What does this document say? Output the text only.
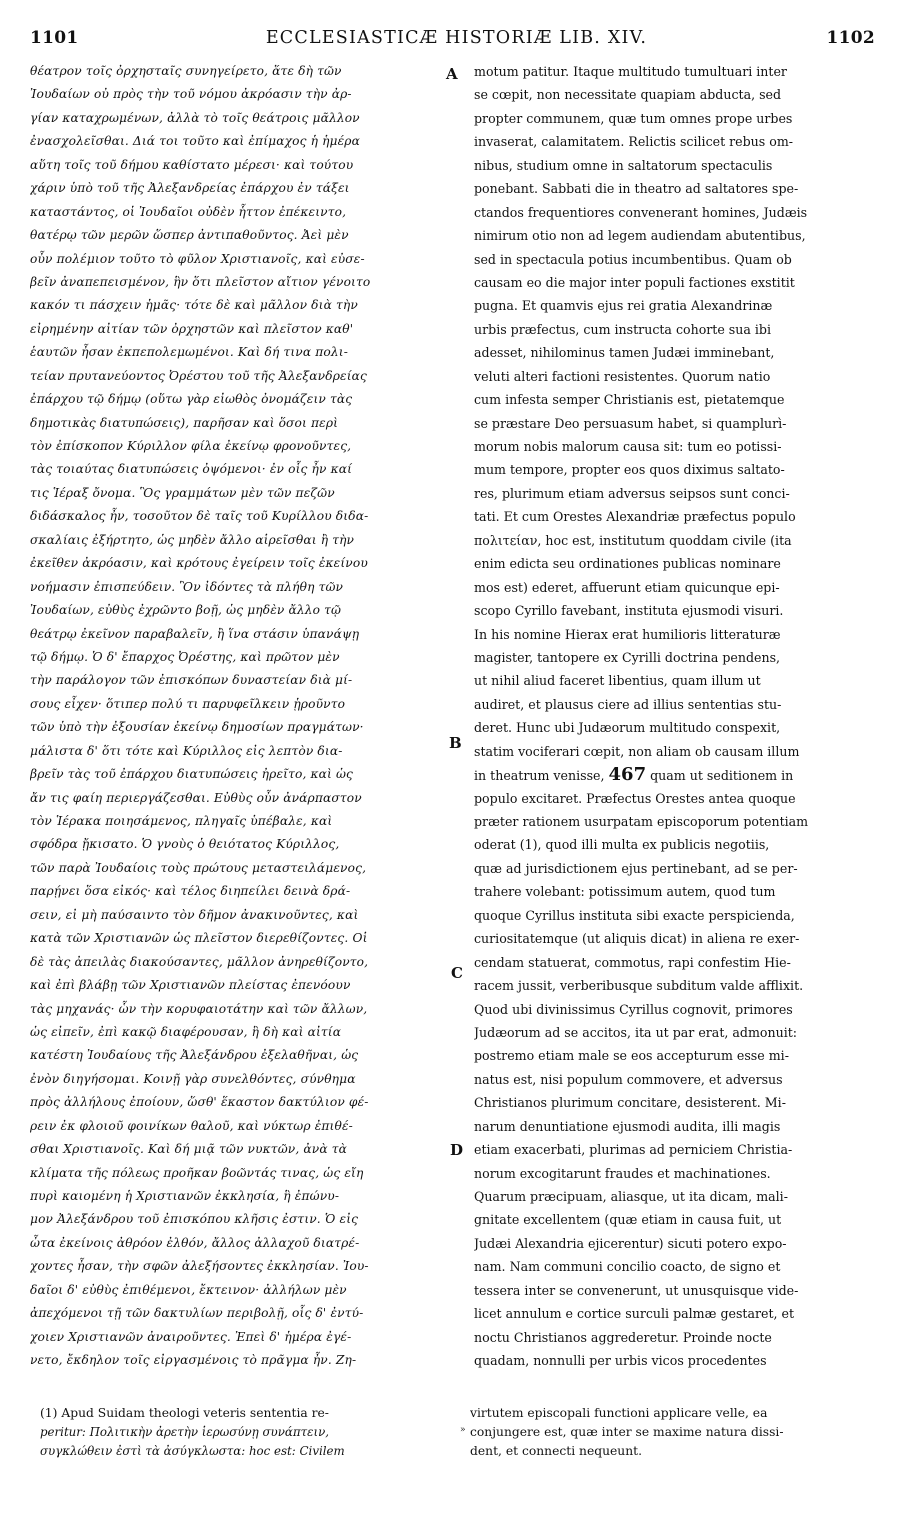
1101	ECCLESIASTICÆ HISTORIÆ LIB. XIV.	1102
A
B
C
D
θέατρον τοῖς ὀρχησταῖς συνηγείρετο, ἅτε δὴ τῶν
Ἰουδαίων οὐ πρὸς τὴν τοῦ νόμου ἀκρόασιν τὴν ἀρ-
γίαν καταχρωμένων, ἀλλὰ τὸ τοῖς θεάτροις μᾶλλον
ἐνασχολεῖσθαι. Διά τοι τοῦτο καὶ ἐπίμαχος ἡ ἡμέρα
αὕτη τοῖς τοῦ δήμου καθίστατο μέρεσι· καὶ τούτου
χάριν ὑπὸ τοῦ τῆς Ἀλεξανδρείας ἐπάρχου ἐν τάξει
καταστάντος, οἱ Ἰουδαῖοι οὐδὲν ἧττον ἐπέκειντο,
θατέρῳ τῶν μερῶν ὥσπερ ἀντιπαθοῦντος. Ἀεὶ μὲν
οὖν πολέμιον τοῦτο τὸ φῦλον Χριστιανοῖς, καὶ εὐσε-
βεῖν ἀναπεπεισμένον, ἣν ὅτι πλεῖστον αἴτιον γένοιτο
κακόν τι πάσχειν ἡμᾶς· τότε δὲ καὶ μᾶλλον διὰ τὴν
εἰρημένην αἰτίαν τῶν ὀρχηστῶν καὶ πλεῖστον καθ'
ἑαυτῶν ἦσαν ἐκπεπολεμωμένοι. Καὶ δή τινα πολι-
τείαν πρυτανεύοντος Ὀρέστου τοῦ τῆς Ἀλεξανδρείας
ἐπάρχου τῷ δήμῳ (οὕτω γὰρ εἰωθὸς ὀνομάζειν τὰς
δημοτικὰς διατυπώσεις), παρῆσαν καὶ ὅσοι περὶ
τὸν ἐπίσκοπον Κύριλλον φίλα ἐκείνῳ φρονοῦντες,
τὰς τοιαύτας διατυπώσεις ὀψόμενοι· ἐν οἷς ἦν καί
τις Ἱέραξ ὄνομα. Ὃς γραμμάτων μὲν τῶν πεζῶν
διδάσκαλος ἦν, τοσοῦτον δὲ ταῖς τοῦ Κυρίλλου διδα-
σκαλίαις ἐξήρτητο, ὡς μηδὲν ἄλλο αἱρεῖσθαι ἢ τὴν
ἐκεῖθεν ἀκρόασιν, καὶ κρότους ἐγείρειν τοῖς ἐκείνου
νοήμασιν ἐπισπεύδειν. Ὃν ἰδόντες τὰ πλήθη τῶν
Ἰουδαίων, εὐθὺς ἐχρῶντο βοῇ, ὡς μηδὲν ἄλλο τῷ
θεάτρῳ ἐκεῖνον παραβαλεῖν, ἢ ἵνα στάσιν ὑπανάψῃ
τῷ δήμῳ. Ὁ δ' ἔπαρχος Ὀρέστης, καὶ πρῶτον μὲν
τὴν παράλογον τῶν ἐπισκόπων δυναστείαν διὰ μί-
σους εἶχεν· ὅτιπερ πολύ τι παρυφεῖλκειν ᾑροῦντο
τῶν ὑπὸ τὴν ἐξουσίαν ἐκείνῳ δημοσίων πραγμάτων·
μάλιστα δ' ὅτι τότε καὶ Κύριλλος εἰς λεπτὸν δια-
βρεῖν τὰς τοῦ ἐπάρχου διατυπώσεις ἠρεῖτο, καὶ ὡς
ἄν τις φαίη περιεργάζεσθαι. Εὐθὺς οὖν ἀνάρπαστον
τὸν Ἱέρακα ποιησάμενος, πληγαῖς ὑπέβαλε, καὶ
σφόδρα ᾔκισατο. Ὁ γνοὺς ὁ θειότατος Κύριλλος,
τῶν παρὰ Ἰουδαίοις τοὺς πρώτους μεταστειλάμενος,
παρῄνει ὅσα εἰκός· καὶ τέλος διηπείλει δεινὰ δρά-
σειν, εἰ μὴ παύσαιντο τὸν δῆμον ἀνακινοῦντες, καὶ
κατὰ τῶν Χριστιανῶν ὡς πλεῖστον διερεθίζοντες. Οἱ
δὲ τὰς ἀπειλὰς διακούσαντες, μᾶλλον ἀνηρεθίζοντο,
καὶ ἐπὶ βλάβῃ τῶν Χριστιανῶν πλείστας ἐπενόουν
τὰς μηχανάς· ὧν τὴν κορυφαιοτάτην καὶ τῶν ἄλλων,
ὡς εἰπεῖν, ἐπὶ κακῷ διαφέρουσαν, ἣ δὴ καὶ αἰτία
κατέστη Ἰουδαίους τῆς Ἀλεξάνδρου ἐξελαθῆναι, ὡς
ἐνὸν διηγήσομαι. Κοινῇ γὰρ συνελθόντες, σύνθημα
πρὸς ἀλλήλους ἐποίουν, ὥσθ' ἕκαστον δακτύλιον φέ-
ρειν ἐκ φλοιοῦ φοινίκων θαλοῦ, καὶ νύκτωρ ἐπιθέ-
σθαι Χριστιανοῖς. Καὶ δή μιᾷ τῶν νυκτῶν, ἀνὰ τὰ
κλίματα τῆς πόλεως προῆκαν βοῶντάς τινας, ὡς εἴη
πυρὶ καιομένη ἡ Χριστιανῶν ἐκκλησία, ἣ ἐπώνυ-
μον Ἀλεξάνδρου τοῦ ἐπισκόπου κλῆσις ἐστιν. Ὁ εἰς
ὦτα ἐκείνοις ἀθρόον ἐλθόν, ἄλλος ἀλλαχοῦ διατρέ-
χοντες ἦσαν, τὴν σφῶν ἀλεξήσοντες ἐκκλησίαν. Ἰου-
δαῖοι δ' εὐθὺς ἐπιθέμενοι, ἔκτεινον· ἀλλήλων μὲν
ἀπεχόμενοι τῇ τῶν δακτυλίων περιβολῇ, οἷς δ' ἐντύ-
χοιεν Χριστιανῶν ἀναιροῦντες. Ἐπεὶ δ' ἡμέρα ἐγέ-
νετο, ἔκδηλον τοῖς εἰργασμένοις τὸ πρᾶγμα ἦν. Ζη-
motum patitur. Itaque multitudo tumultuari inter
se cœpit, non necessitate quapiam abducta, sed
propter communem, quæ tum omnes prope urbes
invaserat, calamitatem. Relictis scilicet rebus om-
nibus, studium omne in saltatorum spectaculis
ponebant. Sabbati die in theatro ad saltatores spe-
ctandos frequentiores convenerant homines, Judæis
nimirum otio non ad legem audiendam abutentibus,
sed in spectacula potius incumbentibus. Quam ob
causam eo die major inter populi factiones exstitit
pugna. Et quamvis ejus rei gratia Alexandrinæ
urbis præfectus, cum instructa cohorte sua ibi
adesset, nihilominus tamen Judæi imminebant,
veluti alteri factioni resistentes. Quorum natio
cum infesta semper Christianis est, pietatemque
se præstare Deo persuasum habet, si quamplurì-
morum nobis malorum causa sit: tum eo potissi-
mum tempore, propter eos quos diximus saltato-
res, plurimum etiam adversus seipsos sunt conci-
tati. Et cum Orestes Alexandriæ præfectus populo
πολιτείαν, hoc est, institutum quoddam civile (ita
enim edicta seu ordinationes publicas nominare
mos est) ederet, affuerunt etiam quicunque epi-
scopo Cyrillo favebant, instituta ejusmodi visuri.
In his nomine Hierax erat humilioris litteraturæ
magister, tantopere ex Cyrilli doctrina pendens,
ut nihil aliud faceret libentius, quam illum ut
audiret, et plausus ciere ad illius sententias stu-
deret. Hunc ubi Judæorum multitudo conspexit,
statim vociferari cœpit, non aliam ob causam illum
in theatrum venisse, 467 quam ut seditionem in
populo excitaret. Præfectus Orestes antea quoque
præter rationem usurpatam episcoporum potentiam
oderat (1), quod illi multa ex publicis negotiis,
quæ ad jurisdictionem ejus pertinebant, ad se per-
trahere volebant: potissimum autem, quod tum
quoque Cyrillus instituta sibi exacte perspicienda,
curiositatemque (ut aliquis dicat) in aliena re exer-
cendam statuerat, commotus, rapi confestim Hie-
racem jussit, verberibusque subditum valde afflixit.
Quod ubi divinissimus Cyrillus cognovit, primores
Judæorum ad se accitos, ita ut par erat, admonuit:
postremo etiam male se eos accepturum esse mi-
natus est, nisi populum commovere, et adversus
Christianos plurimum concitare, desisterent. Mi-
narum denuntiatione ejusmodi audita, illi magis
etiam exacerbati, plurimas ad perniciem Christia-
norum excogitarunt fraudes et machinationes.
Quarum præcipuam, aliasque, ut ita dicam, mali-
gnitate excellentem (quæ etiam in causa fuit, ut
Judæi Alexandria ejicerentur) sicuti potero expo-
nam. Nam communi concilio coacto, de signo et
tessera inter se convenerunt, ut unusquisque vide-
licet annulum e cortice surculi palmæ gestaret, et
noctu Christianos aggrederetur. Proinde nocte
quadam, nonnulli per urbis vicos procedentes
(1) Apud Suidam theologi veteris sententia re-
peritur: Πολιτικὴν ἀρετὴν ἱερωσύνῃ συνάπτειν,
συγκλώθειν ἐστὶ τὰ ἀσύγκλωστα: hoc est: Civilem
»
virtutem episcopali functioni applicare velle, ea
conjungere est, quæ inter se maxime natura dissi-
dent, et connecti nequeunt.
